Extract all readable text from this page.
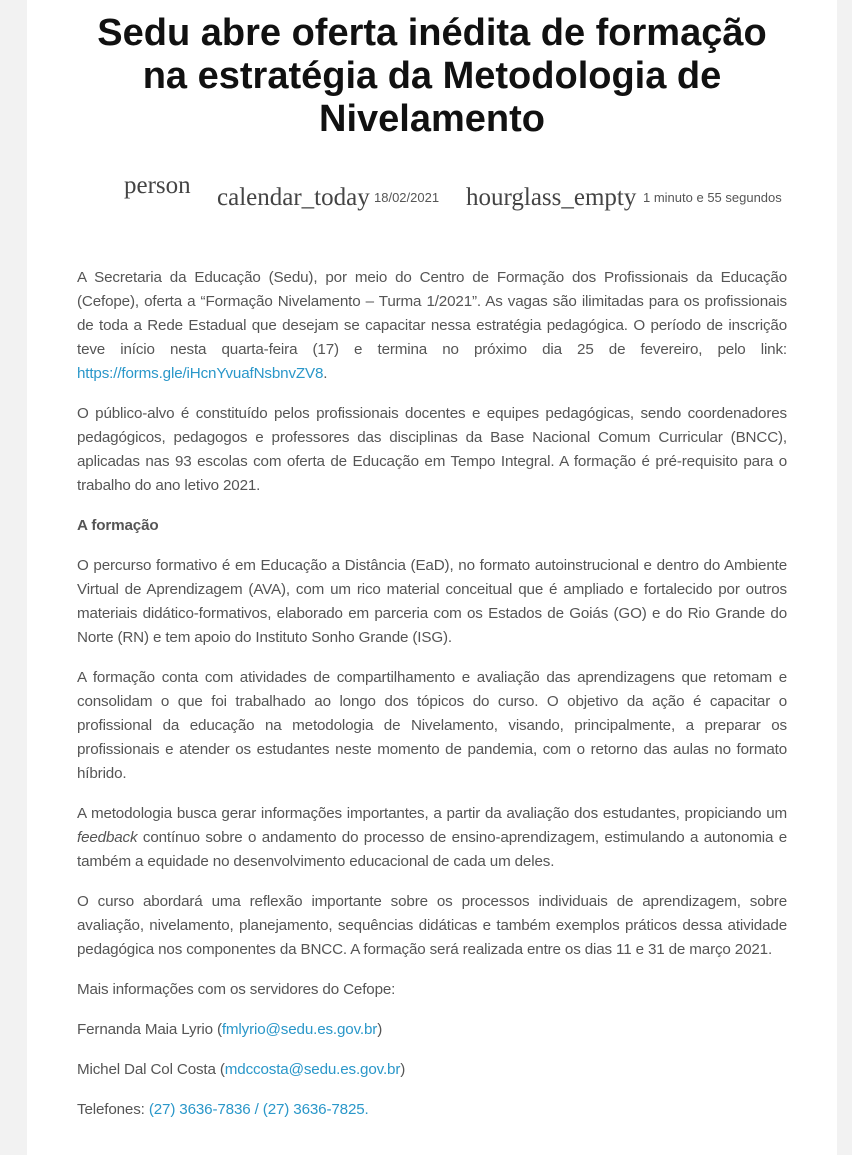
Sedu abre oferta inédita de formação na estratégia da Metodologia de Nivelamento
person calendar_today 18/02/2021 hourglass_empty 1 minuto e 55 segundos

A Secretaria da Educação (Sedu), por meio do Centro de Formação dos Profissionais da Educação (Cefope), oferta a “Formação Nivelamento – Turma 1/2021”. As vagas são ilimitadas para os profissionais de toda a Rede Estadual que desejam se capacitar nessa estratégia pedagógica. O período de inscrição teve início nesta quarta-feira (17) e termina no próximo dia 25 de fevereiro, pelo link: https://forms.gle/iHcnYvuafNsbnvZV8.

O público-alvo é constituído pelos profissionais docentes e equipes pedagógicas, sendo coordenadores pedagógicos, pedagogos e professores das disciplinas da Base Nacional Comum Curricular (BNCC), aplicadas nas 93 escolas com oferta de Educação em Tempo Integral. A formação é pré-requisito para o trabalho do ano letivo 2021.

A formação

O percurso formativo é em Educação a Distância (EaD), no formato autoinstrucional e dentro do Ambiente Virtual de Aprendizagem (AVA), com um rico material conceitual que é ampliado e fortalecido por outros materiais didático-formativos, elaborado em parceria com os Estados de Goiás (GO) e do Rio Grande do Norte (RN) e tem apoio do Instituto Sonho Grande (ISG).

A formação conta com atividades de compartilhamento e avaliação das aprendizagens que retomam e consolidam o que foi trabalhado ao longo dos tópicos do curso. O objetivo da ação é capacitar o profissional da educação na metodologia de Nivelamento, visando, principalmente, a preparar os profissionais e atender os estudantes neste momento de pandemia, com o retorno das aulas no formato híbrido.

A metodologia busca gerar informações importantes, a partir da avaliação dos estudantes, propiciando um feedback contínuo sobre o andamento do processo de ensino-aprendizagem, estimulando a autonomia e também a equidade no desenvolvimento educacional de cada um deles.

O curso abordará uma reflexão importante sobre os processos individuais de aprendizagem, sobre avaliação, nivelamento, planejamento, sequências didáticas e também exemplos práticos dessa atividade pedagógica nos componentes da BNCC. A formação será realizada entre os dias 11 e 31 de março 2021.

Mais informações com os servidores do Cefope:

Fernanda Maia Lyrio (fmlyrio@sedu.es.gov.br)

Michel Dal Col Costa (mdccosta@sedu.es.gov.br)

Telefones: (27) 3636-7836 / (27) 3636-7825.
